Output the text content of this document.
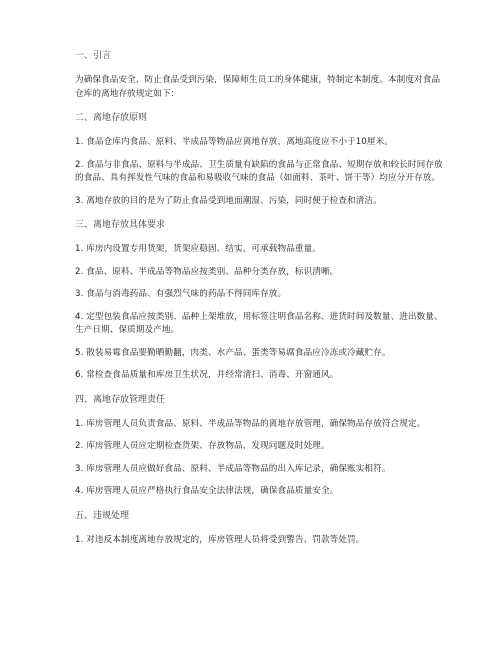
一、引言

为确保食品安全，防止食品受到污染，保障师生员工的身体健康，特制定本制度。本制度对食品仓库的离地存放规定如下：

二、离地存放原则

1. 食品仓库内食品、原料、半成品等物品应离地存放，离地高度应不小于10厘米。

2. 食品与非食品、原料与半成品、卫生质量有缺陷的食品与正常食品、短期存放和较长时间存放的食品、具有挥发性气味的食品和易吸收气味的食品（如面料、茶叶、饼干等）均应分开存放。

3. 离地存放的目的是为了防止食品受到地面潮湿、污染，同时便于检查和清洁。

三、离地存放具体要求

1. 库房内设置专用货架，货架应稳固、结实，可承载物品重量。

2. 食品、原料、半成品等物品应按类别、品种分类存放，标识清晰。

3. 食品与消毒药品、有强烈气味的药品不得同库存放。

4. 定型包装食品应按类别、品种上架堆放，用标签注明食品名称、进货时间及数量、进出数量、生产日期、保质期及产地。

5. 散装易霉食品要勤晒勤翻，肉类、水产品、蛋类等易腐食品应冷冻或冷藏贮存。

6. 常检查食品质量和库房卫生状况，并经常清扫、消毒、开窗通风。

四、离地存放管理责任

1. 库房管理人员负责食品、原料、半成品等物品的离地存放管理，确保物品存放符合规定。

2. 库房管理人员应定期检查货架、存放物品，发现问题及时处理。

3. 库房管理人员应做好食品、原料、半成品等物品的出入库记录，确保账实相符。

4. 库房管理人员应严格执行食品安全法律法规，确保食品质量安全。

五、违规处理

1. 对违反本制度离地存放规定的，库房管理人员将受到警告、罚款等处罚。
